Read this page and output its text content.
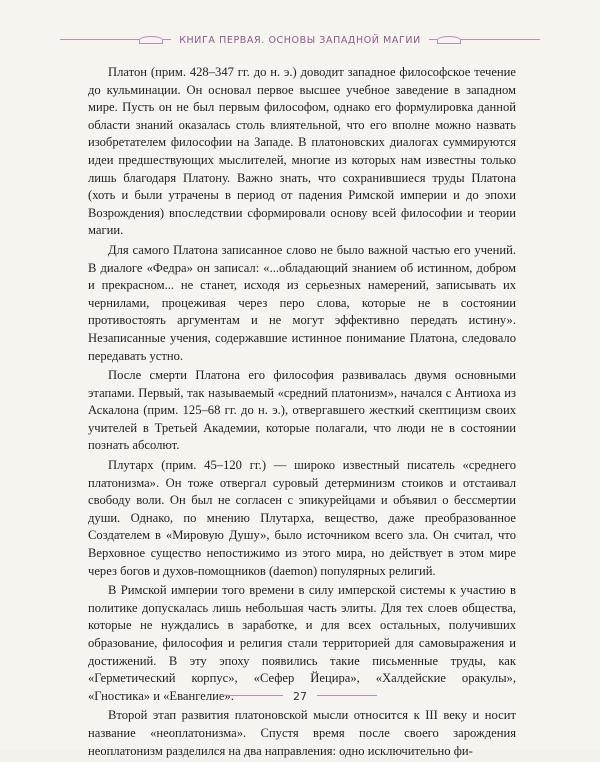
КНИГА ПЕРВАЯ. ОСНОВЫ ЗАПАДНОЙ МАГИИ

Платон (прим. 428–347 гг. до н. э.) доводит западное философское течение до кульминации. Он основал первое высшее учебное заведение в западном мире. Пусть он не был первым философом, однако его формулировка данной области знаний оказалась столь влиятельной, что его вполне можно назвать изобретателем философии на Западе. В платоновских диалогах суммируются идеи предшествующих мыслителей, многие из которых нам известны только лишь благодаря Платону. Важно знать, что сохранившиеся труды Платона (хоть и были утрачены в период от падения Римской империи и до эпохи Возрождения) впоследствии сформировали основу всей философии и теории магии.

Для самого Платона записанное слово не было важной частью его учений. В диалоге «Федра» он записал: «...обладающий знанием об истинном, добром и прекрасном... не станет, исходя из серьезных намерений, записывать их чернилами, процеживая через перо слова, которые не в состоянии противостоять аргументам и не могут эффективно передать истину». Незаписанные учения, содержавшие истинное понимание Платона, следовало передавать устно.

После смерти Платона его философия развивалась двумя основными этапами. Первый, так называемый «средний платонизм», начался с Антиоха из Аскалона (прим. 125–68 гг. до н. э.), отвергавшего жесткий скептицизм своих учителей в Третьей Академии, которые полагали, что люди не в состоянии познать абсолют.

Плутарх (прим. 45–120 гг.) — широко известный писатель «среднего платонизма». Он тоже отвергал суровый детерминизм стоиков и отстаивал свободу воли. Он был не согласен с эпикурейцами и объявил о бессмертии души. Однако, по мнению Плутарха, вещество, даже преобразованное Создателем в «Мировую Душу», было источником всего зла. Он считал, что Верховное существо непостижимо из этого мира, но действует в этом мире через богов и духов-помощников (daemon) популярных религий.

В Римской империи того времени в силу имперской системы к участию в политике допускалась лишь небольшая часть элиты. Для тех слоев общества, которые не нуждались в заработке, и для всех остальных, получивших образование, философия и религия стали территорией для самовыражения и достижений. В эту эпоху появились такие письменные труды, как «Герметический корпус», «Сефер Йецира», «Халдейские оракулы», «Гностика» и «Евангелие».

Второй этап развития платоновской мысли относится к III веку и носит название «неоплатонизма». Спустя время после своего зарождения неоплатонизм разделился на два направления: одно исключительно фи-

27
